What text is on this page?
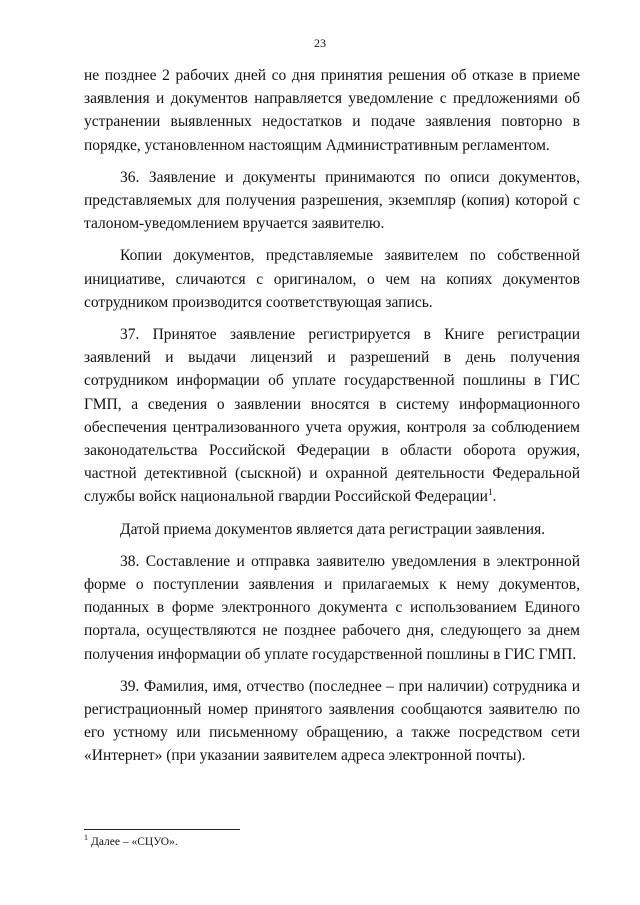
23

не позднее 2 рабочих дней со дня принятия решения об отказе в приеме заявления и документов направляется уведомление с предложениями об устранении выявленных недостатков и подаче заявления повторно в порядке, установленном настоящим Административным регламентом.

36. Заявление и документы принимаются по описи документов, представляемых для получения разрешения, экземпляр (копия) которой с талоном-уведомлением вручается заявителю.

Копии документов, представляемые заявителем по собственной инициативе, сличаются с оригиналом, о чем на копиях документов сотрудником производится соответствующая запись.

37. Принятое заявление регистрируется в Книге регистрации заявлений и выдачи лицензий и разрешений в день получения сотрудником информации об уплате государственной пошлины в ГИС ГМП, а сведения о заявлении вносятся в систему информационного обеспечения централизованного учета оружия, контроля за соблюдением законодательства Российской Федерации в области оборота оружия, частной детективной (сыскной) и охранной деятельности Федеральной службы войск национальной гвардии Российской Федерации$^1$.

Датой приема документов является дата регистрации заявления.

38. Составление и отправка заявителю уведомления в электронной форме о поступлении заявления и прилагаемых к нему документов, поданных в форме электронного документа с использованием Единого портала, осуществляются не позднее рабочего дня, следующего за днем получения информации об уплате государственной пошлины в ГИС ГМП.

39. Фамилия, имя, отчество (последнее – при наличии) сотрудника и регистрационный номер принятого заявления сообщаются заявителю по его устному или письменному обращению, а также посредством сети «Интернет» (при указании заявителем адреса электронной почты).

$^1$ Далее – «СЦУО».
